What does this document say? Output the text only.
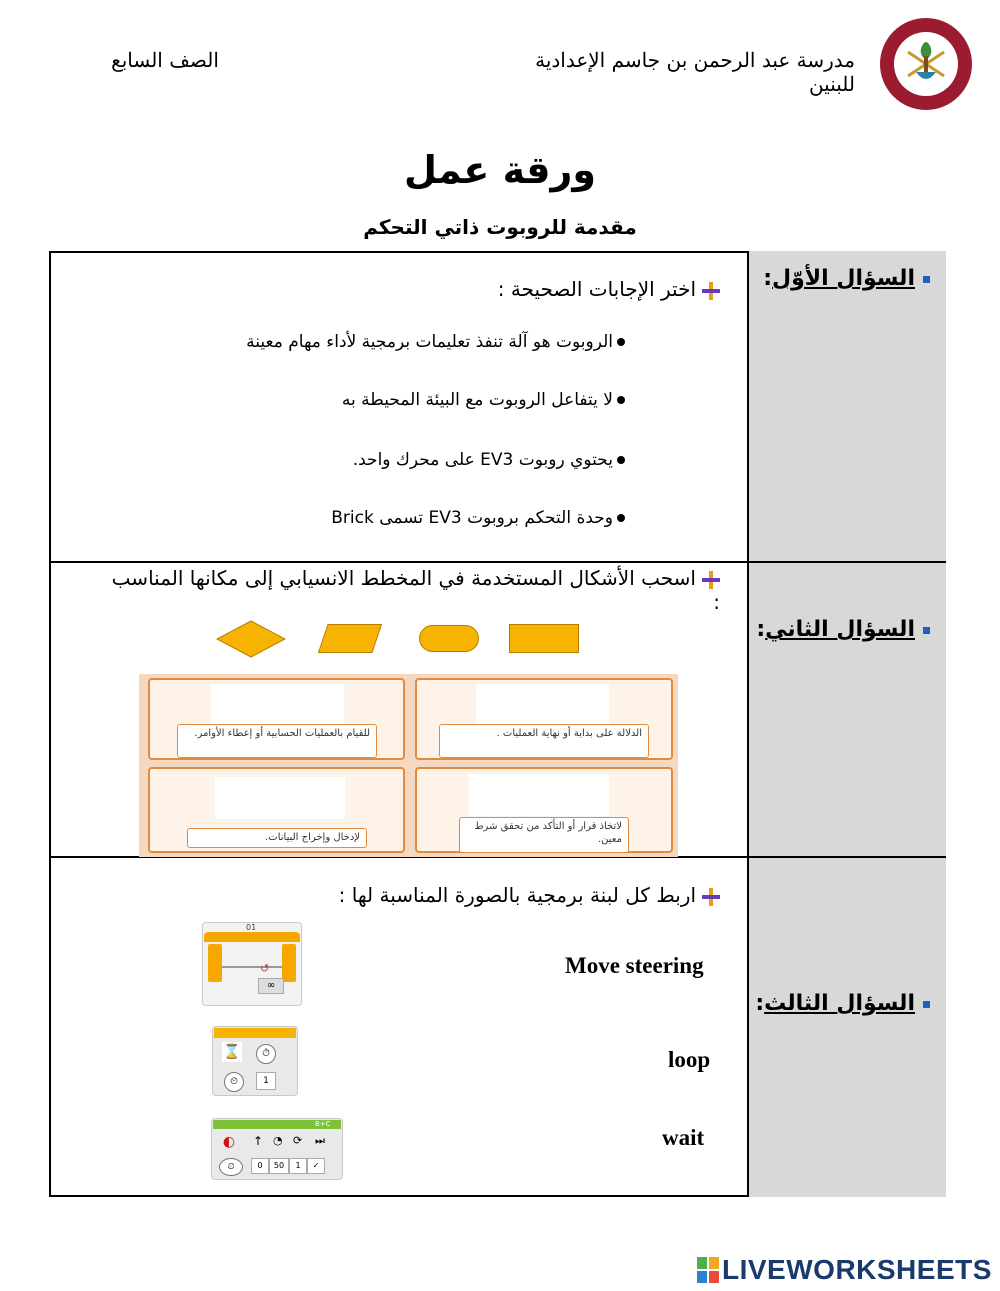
مدرسة عبد الرحمن بن جاسم الإعدادية للبنين
الصف السابع
ورقة عمل
مقدمة للروبوت ذاتي التحكم
السؤال الأوّل:
السؤال الثاني:
السؤال الثالث:
اختر الإجابات الصحيحة :
الروبوت هو آلة تنفذ تعليمات برمجية لأداء مهام معينة
لا يتفاعل الروبوت مع البيئة المحيطة به
يحتوي روبوت EV3 على محرك واحد.
وحدة التحكم بروبوت EV3 تسمى Brick
اسحب الأشكال المستخدمة في المخطط الانسيابي إلى مكانها المناسب :
للقيام بالعمليات الحسابية أو إعطاء الأوامر.	الدلالة على بداية أو نهاية العمليات .
لإدخال وإخراج البيانات.
لاتخاذ قرار أو التأكد من تحقق شرط معين.
اربط كل لبنة برمجية بالصورة المناسبة لها :
Move steering
loop
wait
01
↺
∞
⌛	⏱
⏲	1
B+C
◐	↑ ◔ ⟳ ⏭
⏲	0	50	1	✓
LIVEWORKSHEETS
